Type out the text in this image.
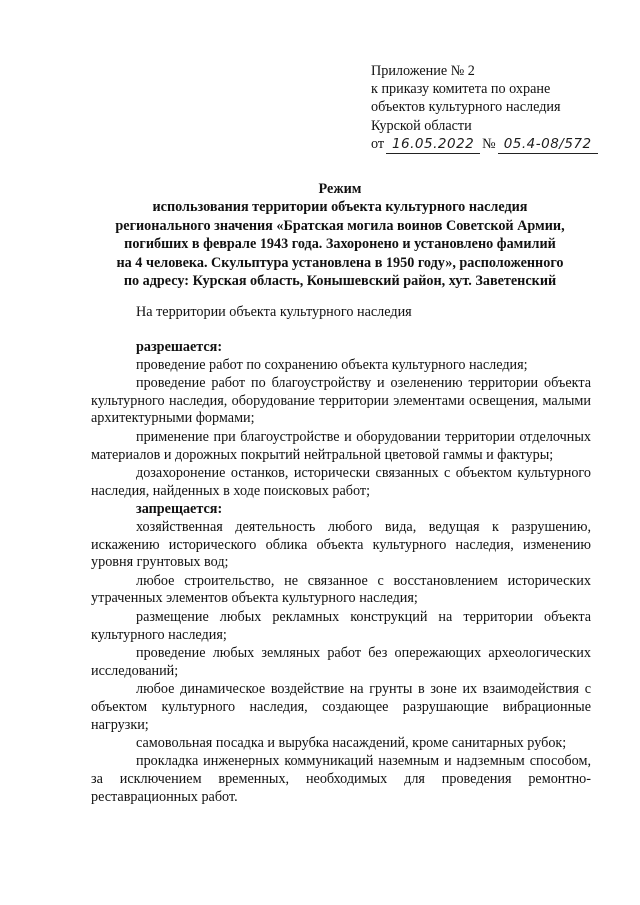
Приложение № 2
к приказу комитета по охране
объектов культурного наследия
Курской области
от 16.05.2022 № 05.4-08/572
Режим
использования территории объекта культурного наследия
регионального значения «Братская могила воинов Советской Армии,
погибших в феврале 1943 года. Захоронено и установлено фамилий
на 4 человека. Скульптура установлена в 1950 году», расположенного
по адресу: Курская область, Конышевский район, хут. Заветенский

На территории объекта культурного наследия

разрешается:

проведение работ по сохранению объекта культурного наследия;

проведение работ по благоустройству и озеленению территории объекта культурного наследия, оборудование территории элементами освещения, малыми архитектурными формами;

применение при благоустройстве и оборудовании территории отделочных материалов и дорожных покрытий нейтральной цветовой гаммы и фактуры;

дозахоронение останков, исторически связанных с объектом культурного наследия, найденных в ходе поисковых работ;

запрещается:

хозяйственная деятельность любого вида, ведущая к разрушению, искажению исторического облика объекта культурного наследия, изменению уровня грунтовых вод;

любое строительство, не связанное с восстановлением исторических утраченных элементов объекта культурного наследия;

размещение любых рекламных конструкций на территории объекта культурного наследия;

проведение любых земляных работ без опережающих археологических исследований;

любое динамическое воздействие на грунты в зоне их взаимодействия с объектом культурного наследия, создающее разрушающие вибрационные нагрузки;

самовольная посадка и вырубка насаждений, кроме санитарных рубок;

прокладка инженерных коммуникаций наземным и надземным способом, за исключением временных, необходимых для проведения ремонтно-реставрационных работ.
